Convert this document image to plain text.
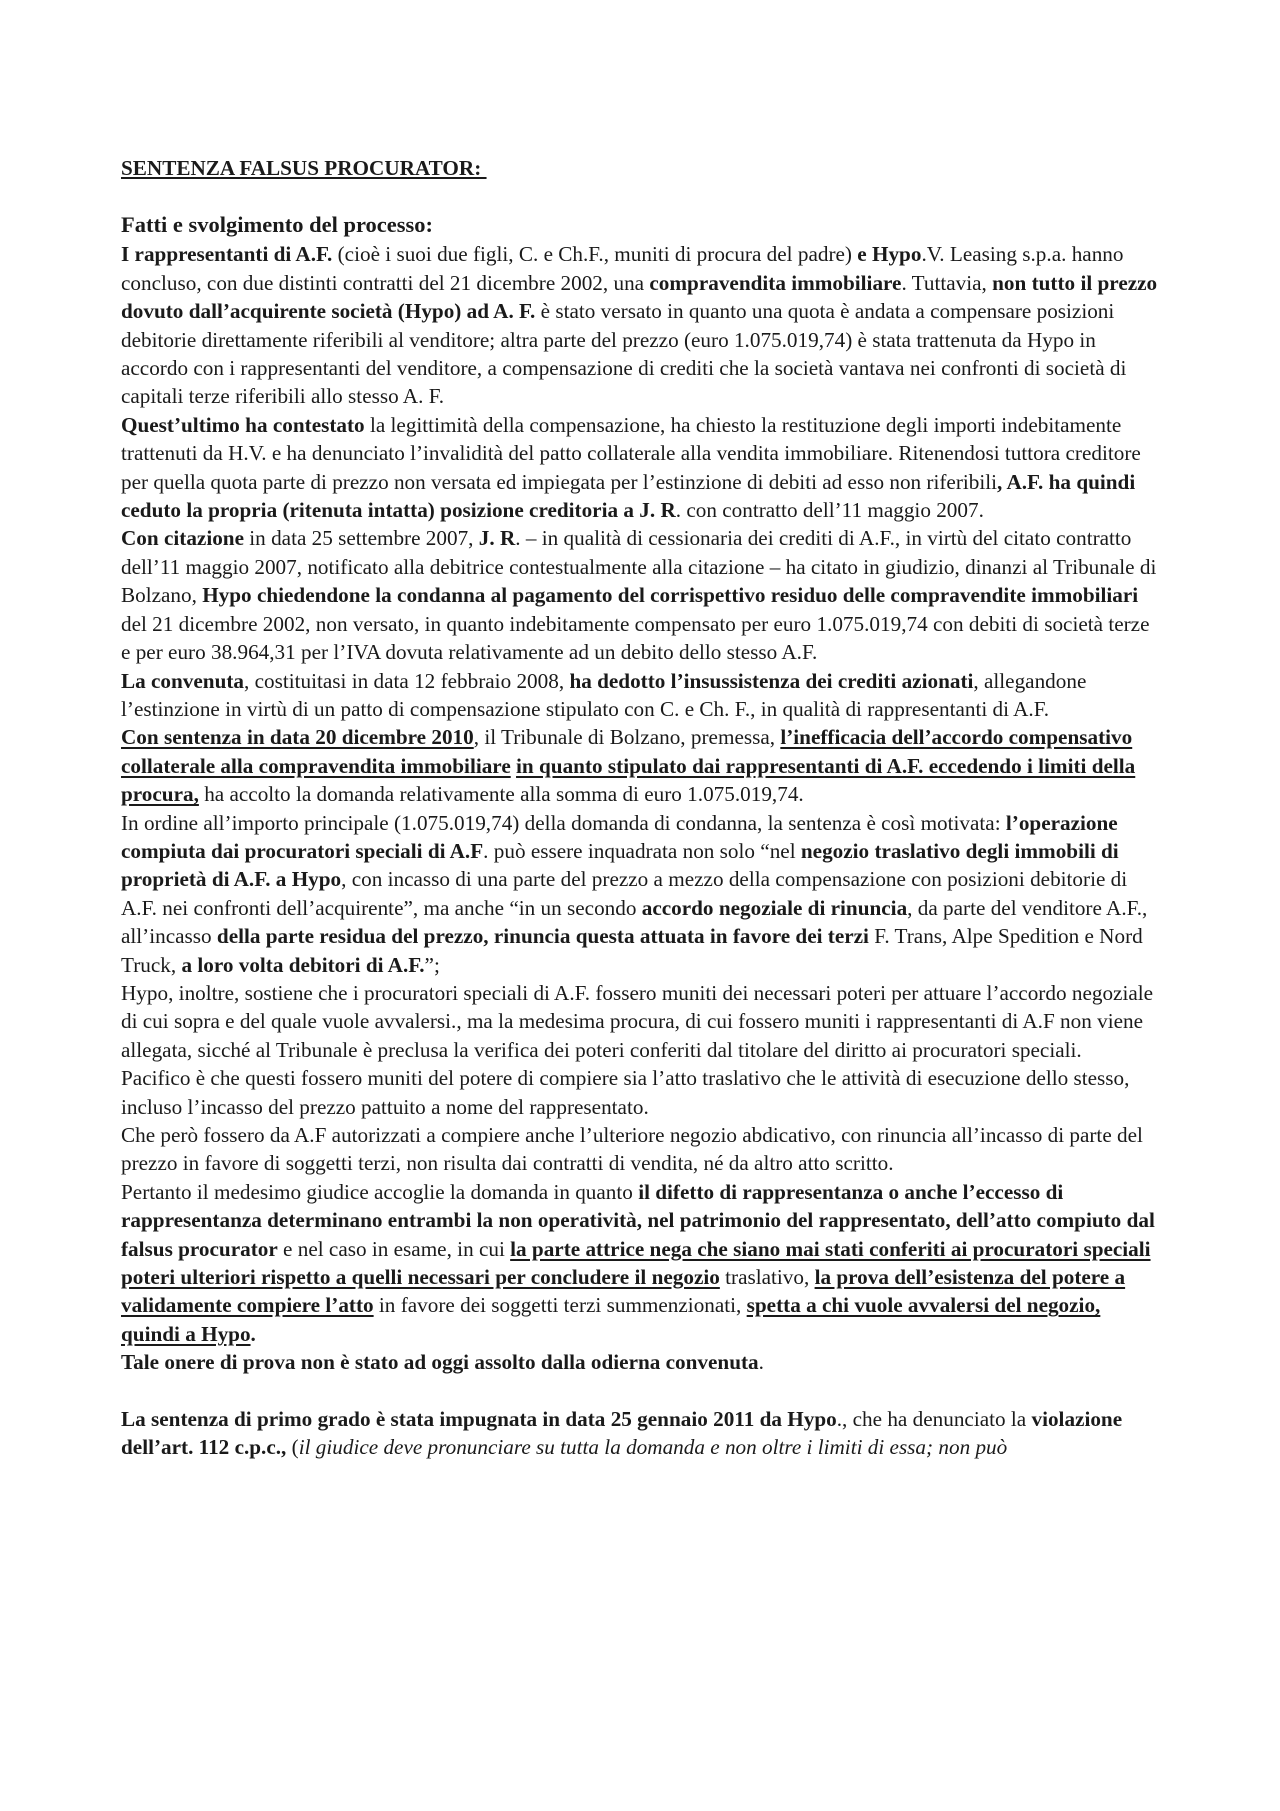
SENTENZA FALSUS PROCURATOR:

Fatti e svolgimento del processo:

I rappresentanti di A.F. (cioè i suoi due figli, C. e Ch.F., muniti di procura del padre) e Hypo.V. Leasing s.p.a. hanno concluso, con due distinti contratti del 21 dicembre 2002, una compravendita immobiliare. Tuttavia, non tutto il prezzo dovuto dall’acquirente società (Hypo) ad A. F. è stato versato in quanto una quota è andata a compensare posizioni debitorie direttamente riferibili al venditore; altra parte del prezzo (euro 1.075.019,74) è stata trattenuta da Hypo in accordo con i rappresentanti del venditore, a compensazione di crediti che la società vantava nei confronti di società di capitali terze riferibili allo stesso A. F.

Quest’ultimo ha contestato la legittimità della compensazione, ha chiesto la restituzione degli importi indebitamente trattenuti da H.V. e ha denunciato l’invalidità del patto collaterale alla vendita immobiliare. Ritenendosi tuttora creditore per quella quota parte di prezzo non versata ed impiegata per l’estinzione di debiti ad esso non riferibili, A.F. ha quindi ceduto la propria (ritenuta intatta) posizione creditoria a J. R. con contratto dell’11 maggio 2007.

Con citazione in data 25 settembre 2007, J. R. – in qualità di cessionaria dei crediti di A.F., in virtù del citato contratto dell’11 maggio 2007, notificato alla debitrice contestualmente alla citazione – ha citato in giudizio, dinanzi al Tribunale di Bolzano, Hypo chiedendone la condanna al pagamento del corrispettivo residuo delle compravendite immobiliari del 21 dicembre 2002, non versato, in quanto indebitamente compensato per euro 1.075.019,74 con debiti di società terze e per euro 38.964,31 per l’IVA dovuta relativamente ad un debito dello stesso A.F.

La convenuta, costituitasi in data 12 febbraio 2008, ha dedotto l’insussistenza dei crediti azionati, allegandone l’estinzione in virtù di un patto di compensazione stipulato con C. e Ch. F., in qualità di rappresentanti di A.F.

Con sentenza in data 20 dicembre 2010, il Tribunale di Bolzano, premessa, l’inefficacia dell’accordo compensativo collaterale alla compravendita immobiliare in quanto stipulato dai rappresentanti di A.F. eccedendo i limiti della procura, ha accolto la domanda relativamente alla somma di euro 1.075.019,74.

In ordine all’importo principale (1.075.019,74) della domanda di condanna, la sentenza è così motivata: l’operazione compiuta dai procuratori speciali di A.F. può essere inquadrata non solo “nel negozio traslativo degli immobili di proprietà di A.F. a Hypo, con incasso di una parte del prezzo a mezzo della compensazione con posizioni debitorie di A.F. nei confronti dell’acquirente”, ma anche “in un secondo accordo negoziale di rinuncia, da parte del venditore A.F., all’incasso della parte residua del prezzo, rinuncia questa attuata in favore dei terzi F. Trans, Alpe Spedition e Nord Truck, a loro volta debitori di A.F.”;

Hypo, inoltre, sostiene che i procuratori speciali di A.F. fossero muniti dei necessari poteri per attuare l’accordo negoziale di cui sopra e del quale vuole avvalersi., ma la medesima procura, di cui fossero muniti i rappresentanti di A.F non viene allegata, sicché al Tribunale è preclusa la verifica dei poteri conferiti dal titolare del diritto ai procuratori speciali.

Pacifico è che questi fossero muniti del potere di compiere sia l’atto traslativo che le attività di esecuzione dello stesso, incluso l’incasso del prezzo pattuito a nome del rappresentato.

Che però fossero da A.F autorizzati a compiere anche l’ulteriore negozio abdicativo, con rinuncia all’incasso di parte del prezzo in favore di soggetti terzi, non risulta dai contratti di vendita, né da altro atto scritto.

Pertanto il medesimo giudice accoglie la domanda in quanto il difetto di rappresentanza o anche l’eccesso di rappresentanza determinano entrambi la non operatività, nel patrimonio del rappresentato, dell’atto compiuto dal falsus procurator e nel caso in esame, in cui la parte attrice nega che siano mai stati conferiti ai procuratori speciali poteri ulteriori rispetto a quelli necessari per concludere il negozio traslativo, la prova dell’esistenza del potere a validamente compiere l’atto in favore dei soggetti terzi summenzionati, spetta a chi vuole avvalersi del negozio, quindi a Hypo.

Tale onere di prova non è stato ad oggi assolto dalla odierna convenuta.

La sentenza di primo grado è stata impugnata in data 25 gennaio 2011 da Hypo., che ha denunciato la violazione dell’art. 112 c.p.c., (il giudice deve pronunciare su tutta la domanda e non oltre i limiti di essa; non può
